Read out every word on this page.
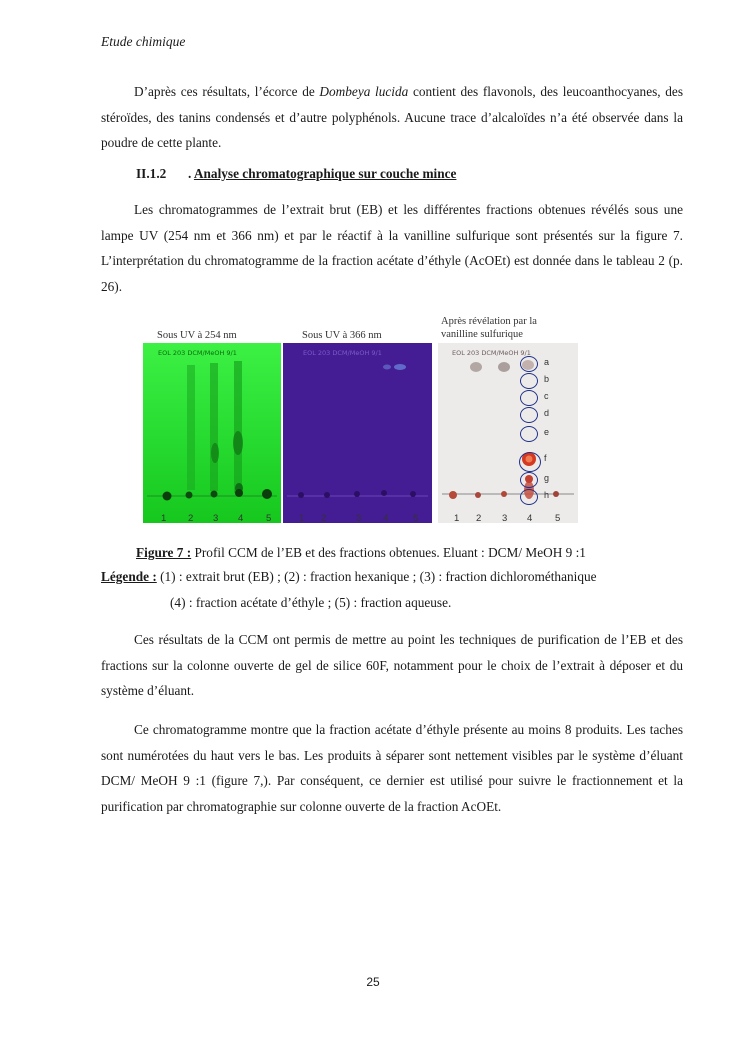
Etude chimique

D’après ces résultats, l’écorce de Dombeya lucida contient des flavonols, des leucoanthocyanes, des stéroïdes, des tanins condensés et d’autre polyphénols. Aucune trace d’alcaloïdes n’a été observée dans la poudre de cette plante.

II.1.2 . Analyse chromatographique sur couche mince

Les chromatogrammes de l’extrait brut (EB) et les différentes fractions obtenues révélés sous une lampe UV (254 nm et 366 nm) et par le réactif à la vanilline sulfurique sont présentés sur la figure 7. L’interprétation du chromatogramme de la fraction acétate d’éthyle (AcOEt) est donnée dans le tableau 2 (p. 26).

Sous UV à 254 nm	Sous UV à 366 nm
Après révélation par la
vanilline sulfurique
EOL 203 DCM/MeOH 9/1	EOL 203 DCM/MeOH 9/1	EOL 203 DCM/MeOH 9/1
a
b
c
d
e
f
g
h
1 2 3 4 5	1 2	3 4	5	1 2 3 4 5
Figure 7 : Profil CCM de l’EB et des fractions obtenues. Eluant : DCM/ MeOH 9 :1
Légende : (1) : extrait brut (EB) ; (2) : fraction hexanique ; (3) : fraction dichlorométhanique
(4) : fraction acétate d’éthyle ; (5) : fraction aqueuse.

Ces résultats de la CCM ont permis de mettre au point les techniques de purification de l’EB et des fractions sur la colonne ouverte de gel de silice 60F, notamment pour le choix de l’extrait à déposer et du système d’éluant.

Ce chromatogramme montre que la fraction acétate d’éthyle présente au moins 8 produits. Les taches sont numérotées du haut vers le bas. Les produits à séparer sont nettement visibles par le système d’éluant DCM/ MeOH 9 :1 (figure 7,). Par conséquent, ce dernier est utilisé pour suivre le fractionnement et la purification par chromatographie sur colonne ouverte de la fraction AcOEt.

25
